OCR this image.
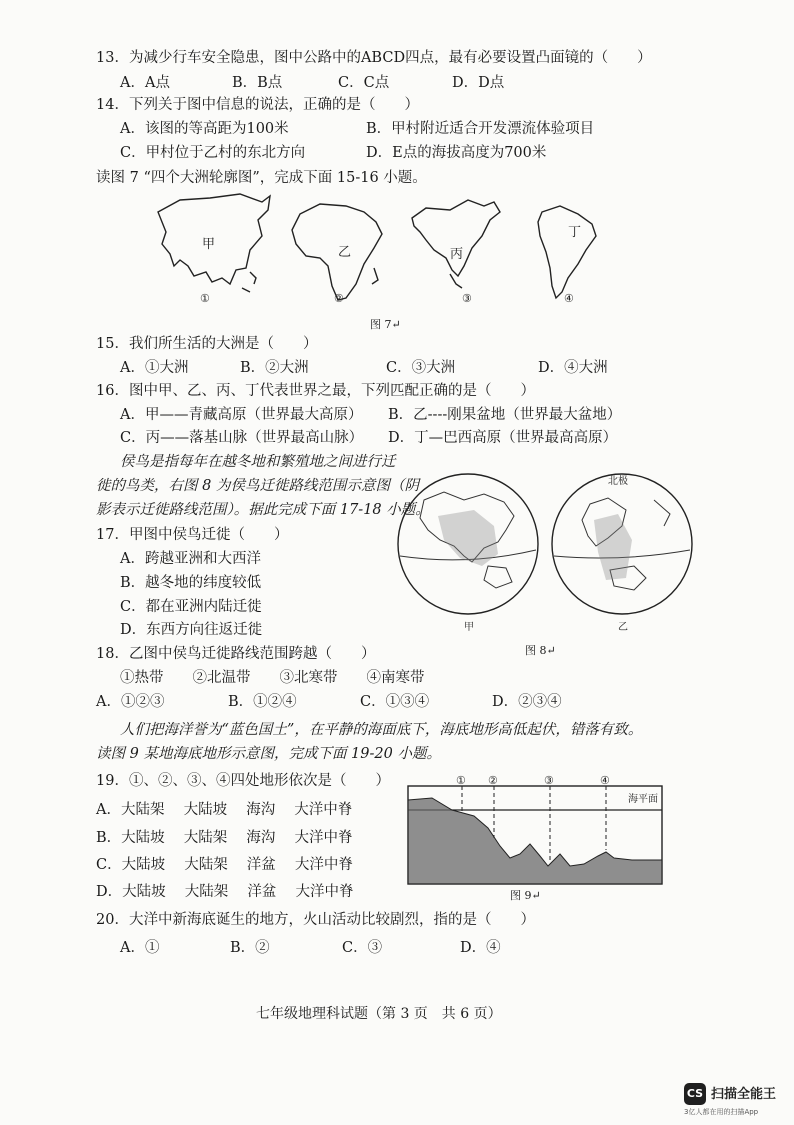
13．为减少行车安全隐患，图中公路中的ABCD四点，最有必要设置凸面镜的（　　）
A．A点	B．B点	C．C点	D．D点
14．下列关于图中信息的说法，正确的是（　　）
A．该图的等高距为100米	B．甲村附近适合开发漂流体验项目
C．甲村位于乙村的东北方向	D．E点的海拔高度为700米
读图 7 “四个大洲轮廓图”，完成下面 15-16 小题。
甲
乙	丙
丁
①	②	③	④
图 7↵
15．我们所生活的大洲是（　　）
A．①大洲	B．②大洲	C．③大洲	D．④大洲
16．图中甲、乙、丙、丁代表世界之最，下列匹配正确的是（　　）
A．甲——青藏高原（世界最大高原） B．乙----刚果盆地（世界最大盆地）
C．丙——落基山脉（世界最高山脉） D．丁—巴西高原（世界最高高原）
侯鸟是指每年在越冬地和繁殖地之间进行迁
徙的鸟类，右图 8 为侯鸟迁徙路线范围示意图（阴
影表示迁徙路线范围）。据此完成下面 17-18 小题。
17．甲图中侯鸟迁徙（　　）
A．跨越亚洲和大西洋
B．越冬地的纬度较低
C．都在亚洲内陆迁徙
D．东西方向往返迁徙
北极
甲	乙
图 8↵
18．乙图中侯鸟迁徙路线范围跨越（　　）
①热带　　②北温带　　③北寒带　　④南寒带
A．①②③	B．①②④	C．①③④	D．②③④
人们把海洋誉为“蓝色国土”，在平静的海面底下，海底地形高低起伏，错落有致。
读图 9 某地海底地形示意图，完成下面 19-20 小题。
19．①、②、③、④四处地形依次是（　　）
A．大陆架　 大陆坡　 海沟　 大洋中脊
B．大陆坡　 大陆架　 海沟　 大洋中脊
C．大陆坡　 大陆架　 洋盆　 大洋中脊
D．大陆坡　 大陆架　 洋盆　 大洋中脊
① ②	③	④
海平面
图 9↵
20．大洋中新海底诞生的地方，火山活动比较剧烈，指的是（　　）
A．①	B．②	C．③	D．④
七年级地理科试题（第 3 页　共 6 页）
CS 扫描全能王
3亿人都在用的扫描App
